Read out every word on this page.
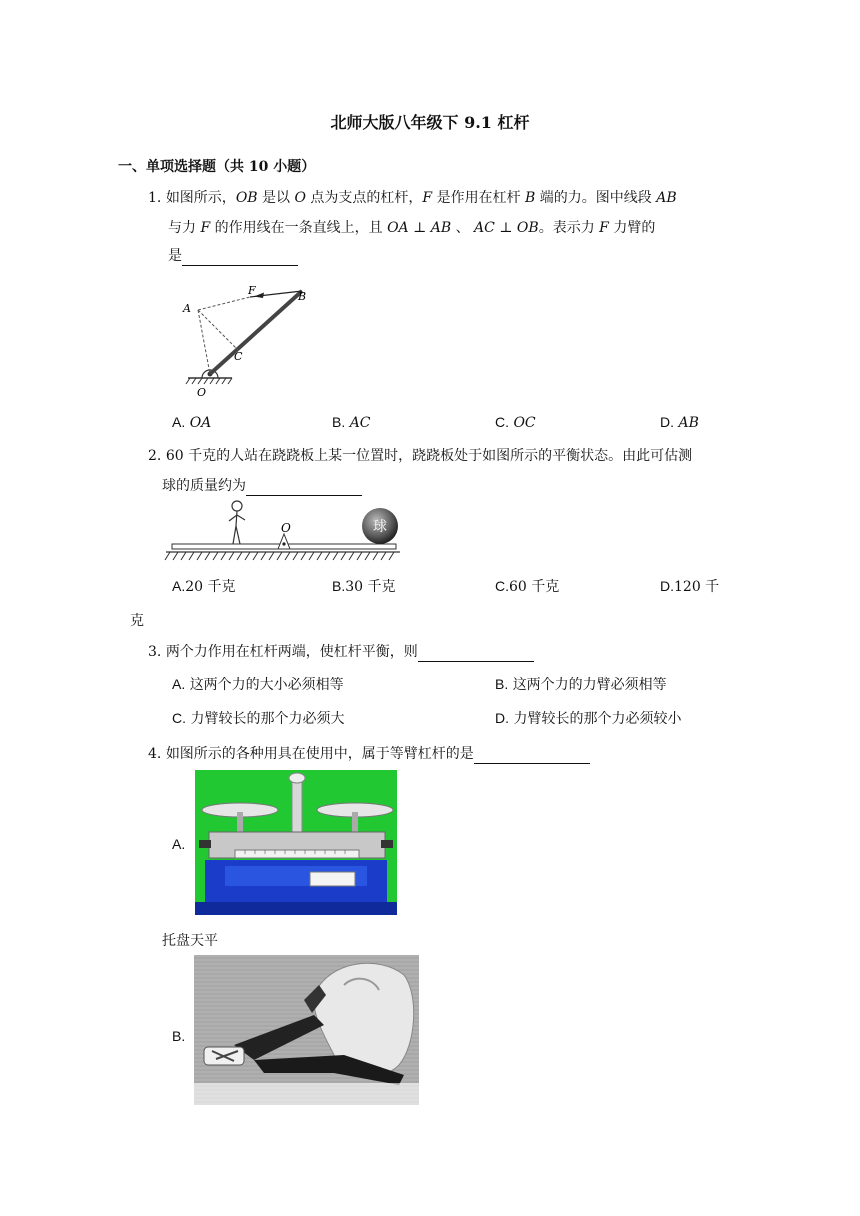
北师大版八年级下 9.1 杠杆
一、单项选择题（共 10 小题）
1. 如图所示，OB 是以 O 点为支点的杠杆，F 是作用在杠杆 B 端的力。图中线段 AB
与力 F 的作用线在一条直线上，且 OA ⊥ AB 、 AC ⊥ OB。表示力 F 力臂的
是
A
F	B
C
O
A. OA	B. AC	C. OC	D. AB
2. 60 千克的人站在跷跷板上某一位置时，跷跷板处于如图所示的平衡状态。由此可估测
球的质量约为
O	球
A.20 千克	B.30 千克	C.60 千克	D.120 千
克
3. 两个力作用在杠杆两端，使杠杆平衡，则
A. 这两个力的大小必须相等	B. 这两个力的力臂必须相等
C. 力臂较长的那个力必须大	D. 力臂较长的那个力必须较小
4. 如图所示的各种用具在使用中，属于等臂杠杆的是
A.
托盘天平
B.
